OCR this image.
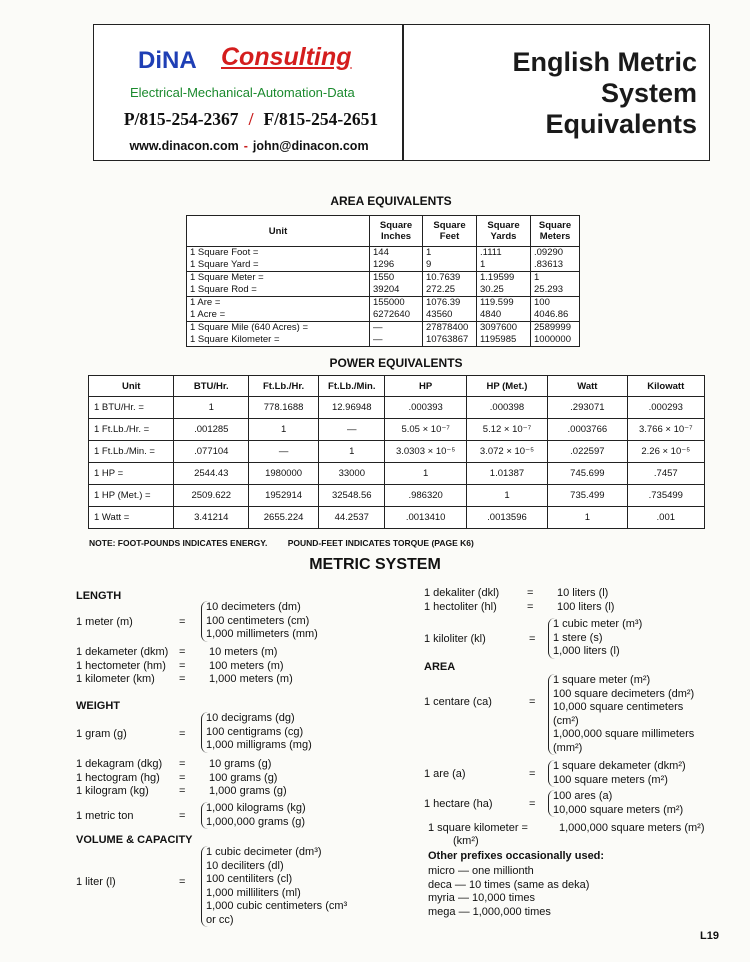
DiNA Consulting
Electrical-Mechanical-Automation-Data
P/815-254-2367 / F/815-254-2651
www.dinacon.com - john@dinacon.com
English Metric
System
Equivalents
AREA EQUIVALENTS
Unit	Square Inches	Square Feet	Square Yards	Square Meters
1 Square Foot =	144	1	.1111	.09290
1 Square Yard =	1296	9	1	.83613
1 Square Meter =	1550	10.7639	1.19599	1
1 Square Rod =	39204	272.25	30.25	25.293
1 Are =	155000	1076.39	119.599	100
1 Acre =	6272640	43560	4840	4046.86
1 Square Mile (640 Acres) =	—	27878400	3097600	2589999
1 Square Kilometer =	—	10763867	1195985	1000000
POWER EQUIVALENTS
Unit	BTU/Hr.	Ft.Lb./Hr.	Ft.Lb./Min.	HP	HP (Met.)	Watt	Kilowatt
1 BTU/Hr. =	1	778.1688	12.96948	.000393	.000398	.293071	.000293
1 Ft.Lb./Hr. =	.001285	1	—	5.05 × 10⁻⁷	5.12 × 10⁻⁷	.0003766	3.766 × 10⁻⁷
1 Ft.Lb./Min. =	.077104	—	1	3.0303 × 10⁻⁵	3.072 × 10⁻⁵	.022597	2.26 × 10⁻⁵
1 HP =	2544.43	1980000	33000	1	1.01387	745.699	.7457
1 HP (Met.) =	2509.622	1952914	32548.56	.986320	1	735.499	.735499
1 Watt =	3.41214	2655.224	44.2537	.0013410	.0013596	1	.001
NOTE: FOOT-POUNDS INDICATES ENERGY. POUND-FEET INDICATES TORQUE (PAGE K6)
METRIC SYSTEM
LENGTH
1 meter (m)	=
10 decimeters (dm)
100 centimeters (cm)
1,000 millimeters (mm)
1 dekameter (dkm) = 10 meters (m)
1 hectometer (hm) = 100 meters (m)
1 kilometer (km) = 1,000 meters (m)
WEIGHT
1 gram (g)	=
10 decigrams (dg)
100 centigrams (cg)
1,000 milligrams (mg)
1 dekagram (dkg) = 10 grams (g)
1 hectogram (hg) = 100 grams (g)
1 kilogram (kg)	= 1,000 grams (g)
1 metric ton	=
1,000 kilograms (kg)
1,000,000 grams (g)
VOLUME & CAPACITY
1 liter (l)	=
1 cubic decimeter (dm³)
10 deciliters (dl)
100 centiliters (cl)
1,000 milliliters (ml)
1,000 cubic centimeters (cm³
or cc)
1 dekaliter (dkl)	= 10 liters (l)
1 hectoliter (hl)	= 100 liters (l)
1 kiloliter (kl)	=
1 cubic meter (m³)
1 stere (s)
1,000 liters (l)
AREA
1 centare (ca)	=
1 square meter (m²)
100 square decimeters (dm²)
10,000 square centimeters
(cm²)
1,000,000 square millimeters
(mm²)
1 are (a)	=
1 square dekameter (dkm²)
100 square meters (m²)
1 hectare (ha)	=
100 ares (a)
10,000 square meters (m²)
1 square kilometer =
(km²)
1,000,000 square meters (m²)
Other prefixes occasionally used:
micro — one millionth
deca — 10 times (same as deka)
myria — 10,000 times
mega — 1,000,000 times
L19
